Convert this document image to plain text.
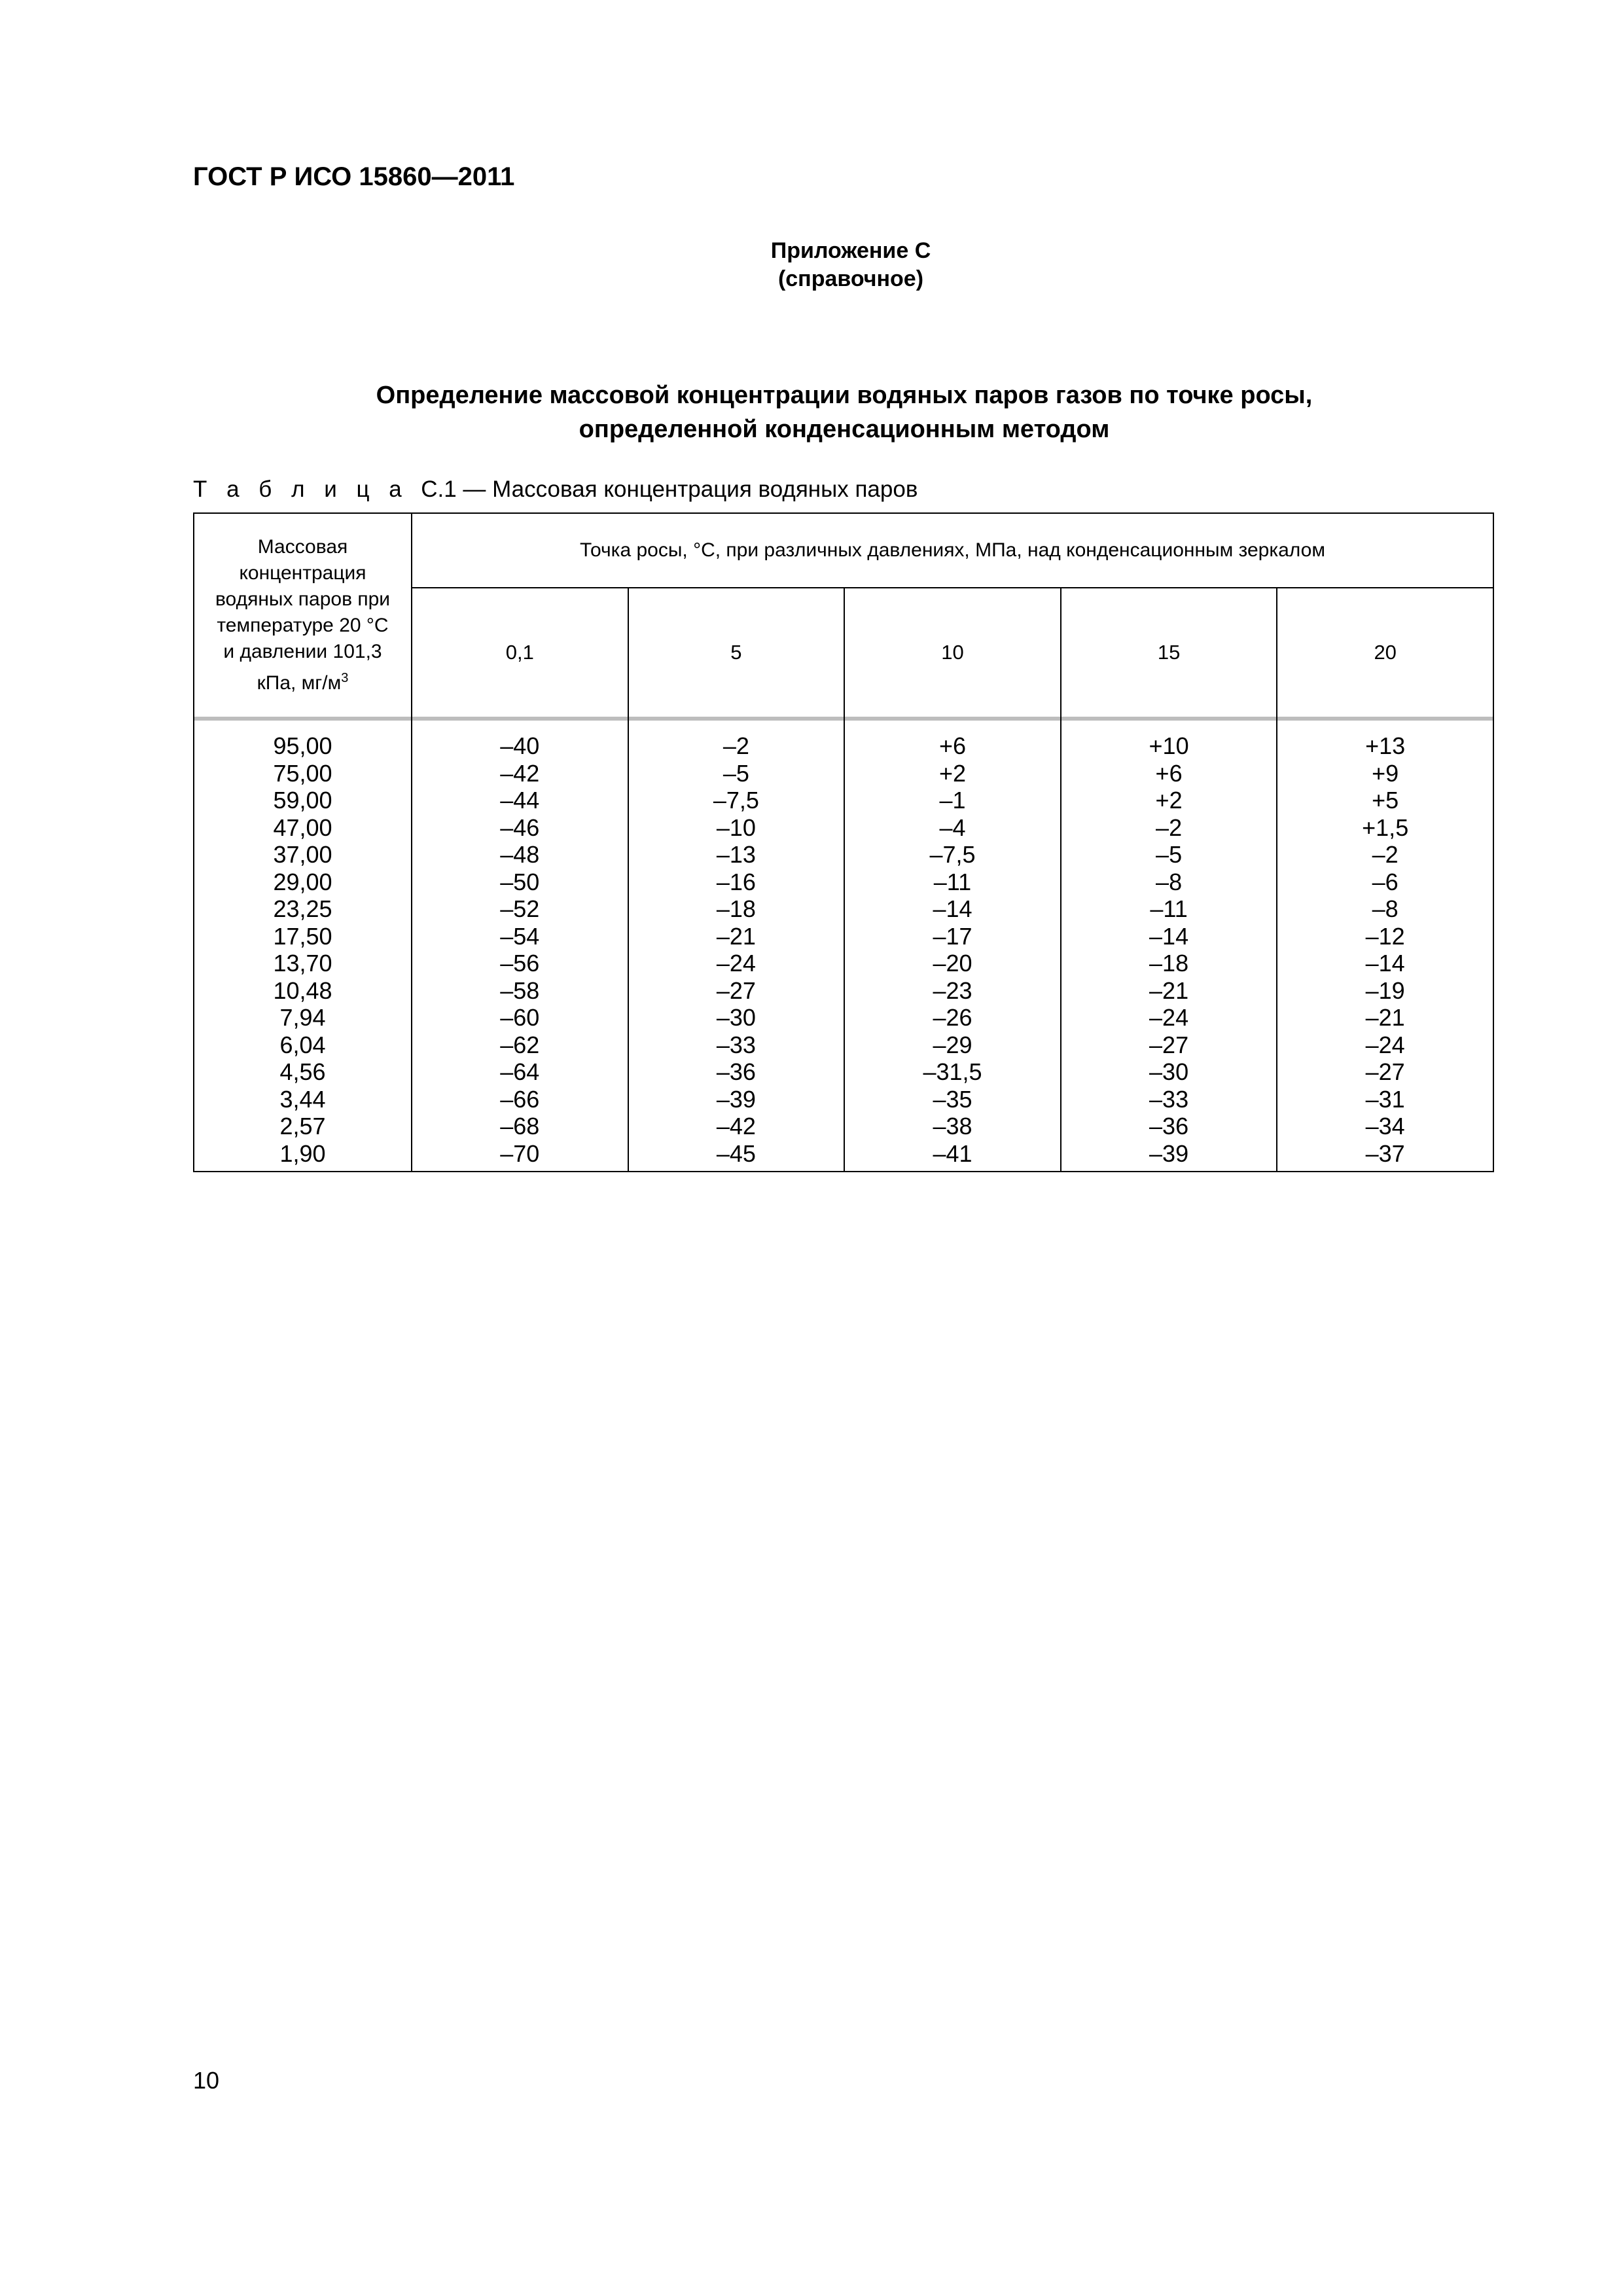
ГОСТ Р ИСО 15860—2011
Приложение С
(справочное)
Определение массовой концентрации водяных паров газов по точке росы,
определенной конденсационным методом
Т а б л и ц а С.1 — Массовая концентрация водяных паров
Массовая концентрация водяных паров при температуре 20 °С и давлении 101,3 кПа, $мг/м^3$	Точка росы, °С, при различных давлениях, МПа, над конденсационным зеркалом				
	0,1	5	10	15	20

95,00	–40	–2	+6	+10	+13
75,00	–42	–5	+2	+6	+9
59,00	–44	–7,5	–1	+2	+5
47,00	–46	–10	–4	–2	+1,5
37,00	–48	–13	–7,5	–5	–2
29,00	–50	–16	–11	–8	–6
23,25	–52	–18	–14	–11	–8
17,50	–54	–21	–17	–14	–12
13,70	–56	–24	–20	–18	–14
10,48	–58	–27	–23	–21	–19
7,94	–60	–30	–26	–24	–21
6,04	–62	–33	–29	–27	–24
4,56	–64	–36	–31,5	–30	–27
3,44	–66	–39	–35	–33	–31
2,57	–68	–42	–38	–36	–34
1,90	–70	–45	–41	–39	–37
10
